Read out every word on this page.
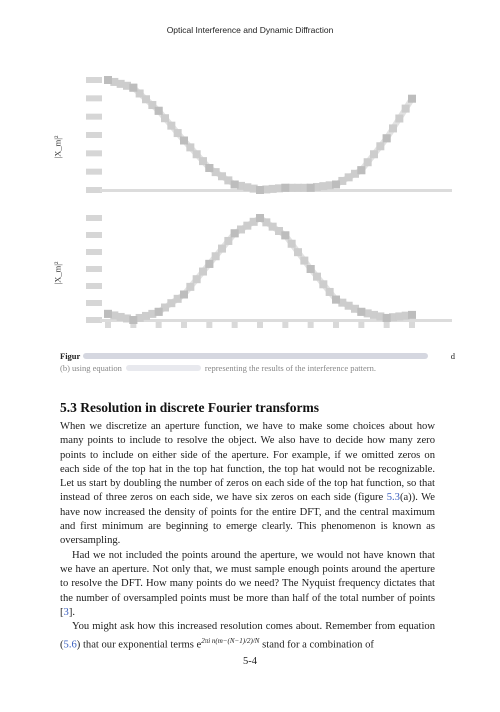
Optical Interference and Dynamic Diffraction
|X_m|²
|X_m|²
Figur	d
(b) using equation	representing the results of the interference pattern.
5.3 Resolution in discrete Fourier transforms

When we discretize an aperture function, we have to make some choices about how many points to include to resolve the object. We also have to decide how many zero points to include on either side of the aperture. For example, if we omitted zeros on each side of the top hat in the top hat function, the top hat would not be recognizable. Let us start by doubling the number of zeros on each side of the top hat function, so that instead of three zeros on each side, we have six zeros on each side (figure 5.3(a)). We have now increased the density of points for the entire DFT, and the central maximum and first minimum are beginning to emerge clearly. This phenomenon is known as oversampling.

Had we not included the points around the aperture, we would not have known that we have an aperture. Not only that, we must sample enough points around the aperture to resolve the DFT. How many points do we need? The Nyquist frequency dictates that the number of oversampled points must be more than half of the total number of points [3].

You might ask how this increased resolution comes about. Remember from equation (5.6) that our exponential terms $e^{2\pi i n(m-(N-1)/2)/N}$ stand for a combination of

5-4
